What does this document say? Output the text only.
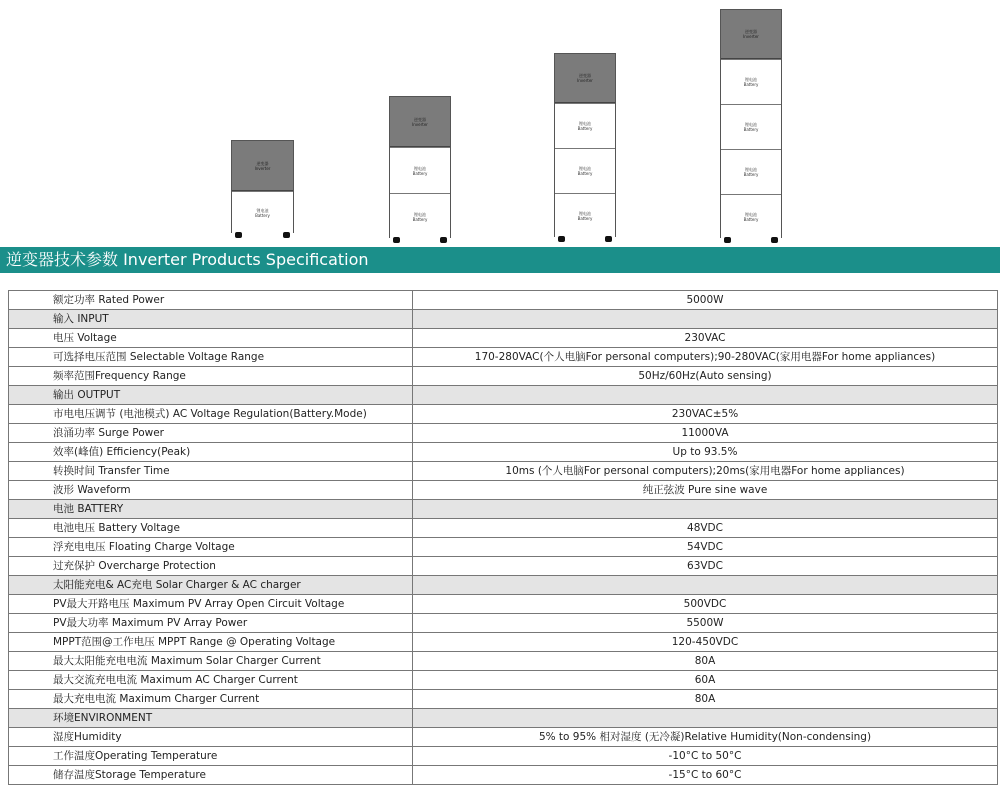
逆变器
Inverter
锂电池
Battery
逆变器
Inverter
锂电池
Battery
锂电池
Battery
逆变器
Inverter
锂电池
Battery
锂电池
Battery
锂电池
Battery
逆变器
Inverter
锂电池
Battery
锂电池
Battery
锂电池
Battery
锂电池
Battery
逆变器技术参数 Inverter Products Specification
额定功率 Rated Power	5000W
输入 INPUT	
电压 Voltage	230VAC
可选择电压范围 Selectable Voltage Range	170-280VAC(个人电脑For personal computers);90-280VAC(家用电器For home appliances)
频率范围Frequency Range	50Hz/60Hz(Auto sensing)
输出 OUTPUT	
市电电压调节 (电池模式) AC Voltage Regulation(Battery.Mode)	230VAC±5%
浪涌功率 Surge Power	11000VA
效率(峰值) Efficiency(Peak)	Up to 93.5%
转换时间 Transfer Time	10ms (个人电脑For personal computers);20ms(家用电器For home appliances)
波形 Waveform	纯正弦波 Pure sine wave
电池 BATTERY	
电池电压 Battery Voltage	48VDC
浮充电电压 Floating Charge Voltage	54VDC
过充保护 Overcharge Protection	63VDC
太阳能充电& AC充电 Solar Charger & AC charger	
PV最大开路电压 Maximum PV Array Open Circuit Voltage	500VDC
PV最大功率 Maximum PV Array Power	5500W
MPPT范围@工作电压 MPPT Range @ Operating Voltage	120-450VDC
最大太阳能充电电流 Maximum Solar Charger Current	80A
最大交流充电电流 Maximum AC Charger Current	60A
最大充电电流 Maximum Charger Current	80A
环境ENVIRONMENT	
湿度Humidity	5% to 95% 相对湿度 (无冷凝)Relative Humidity(Non-condensing)
工作温度Operating Temperature	-10°C to 50°C
储存温度Storage Temperature	-15°C to 60°C
